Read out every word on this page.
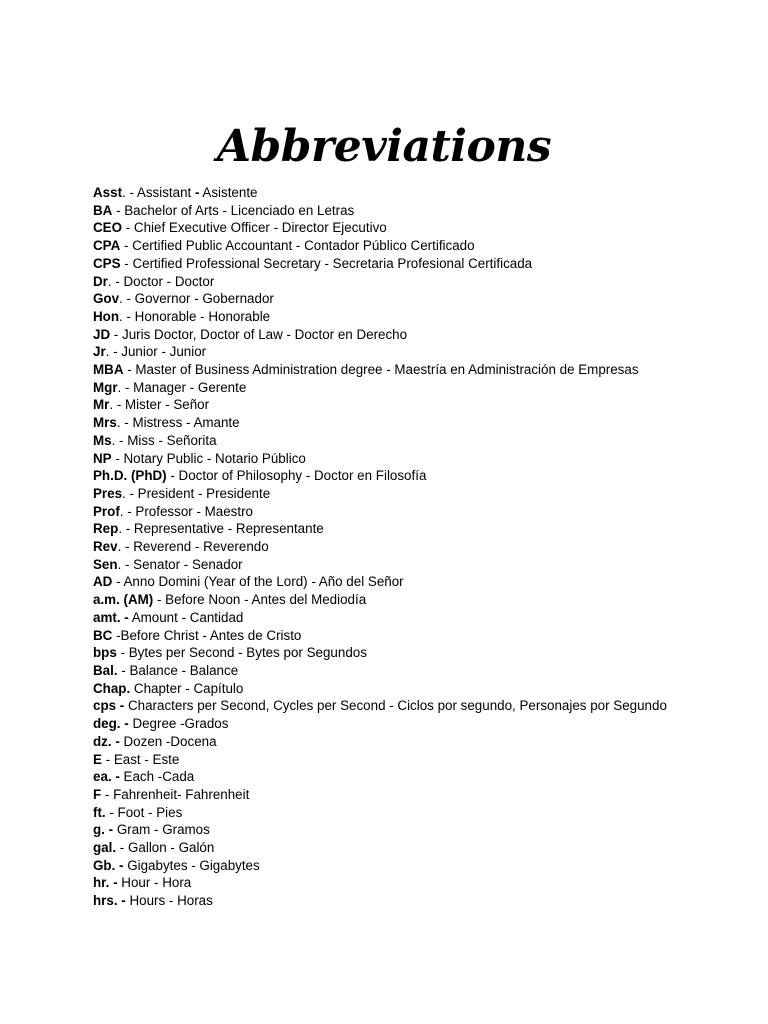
Abbreviations
Asst. - Assistant - Asistente
BA - Bachelor of Arts - Licenciado en Letras
CEO - Chief Executive Officer - Director Ejecutivo
CPA - Certified Public Accountant - Contador Público Certificado
CPS - Certified Professional Secretary - Secretaria Profesional Certificada
Dr. - Doctor - Doctor
Gov. - Governor - Gobernador
Hon. - Honorable - Honorable
JD - Juris Doctor, Doctor of Law - Doctor en Derecho
Jr. - Junior - Junior
MBA - Master of Business Administration degree - Maestría en Administración de Empresas
Mgr. - Manager - Gerente
Mr. - Mister - Señor
Mrs. - Mistress - Amante
Ms. - Miss - Señorita
NP - Notary Public - Notario Público
Ph.D. (PhD) - Doctor of Philosophy - Doctor en Filosofía
Pres. - President - Presidente
Prof. - Professor - Maestro
Rep. - Representative - Representante
Rev. - Reverend - Reverendo
Sen. - Senator - Senador
AD - Anno Domini (Year of the Lord) - Año del Señor
a.m. (AM) - Before Noon - Antes del Mediodía
amt. - Amount - Cantidad
BC -Before Christ - Antes de Cristo
bps - Bytes per Second - Bytes por Segundos
Bal. - Balance - Balance
Chap. Chapter - Capítulo
cps - Characters per Second, Cycles per Second - Ciclos por segundo, Personajes por Segundo
deg. - Degree -Grados
dz. - Dozen -Docena
E - East - Este
ea. - Each -Cada
F - Fahrenheit- Fahrenheit
ft. - Foot - Pies
g. - Gram - Gramos
gal. - Gallon - Galón
Gb. - Gigabytes - Gigabytes
hr. - Hour - Hora
hrs. - Hours - Horas
